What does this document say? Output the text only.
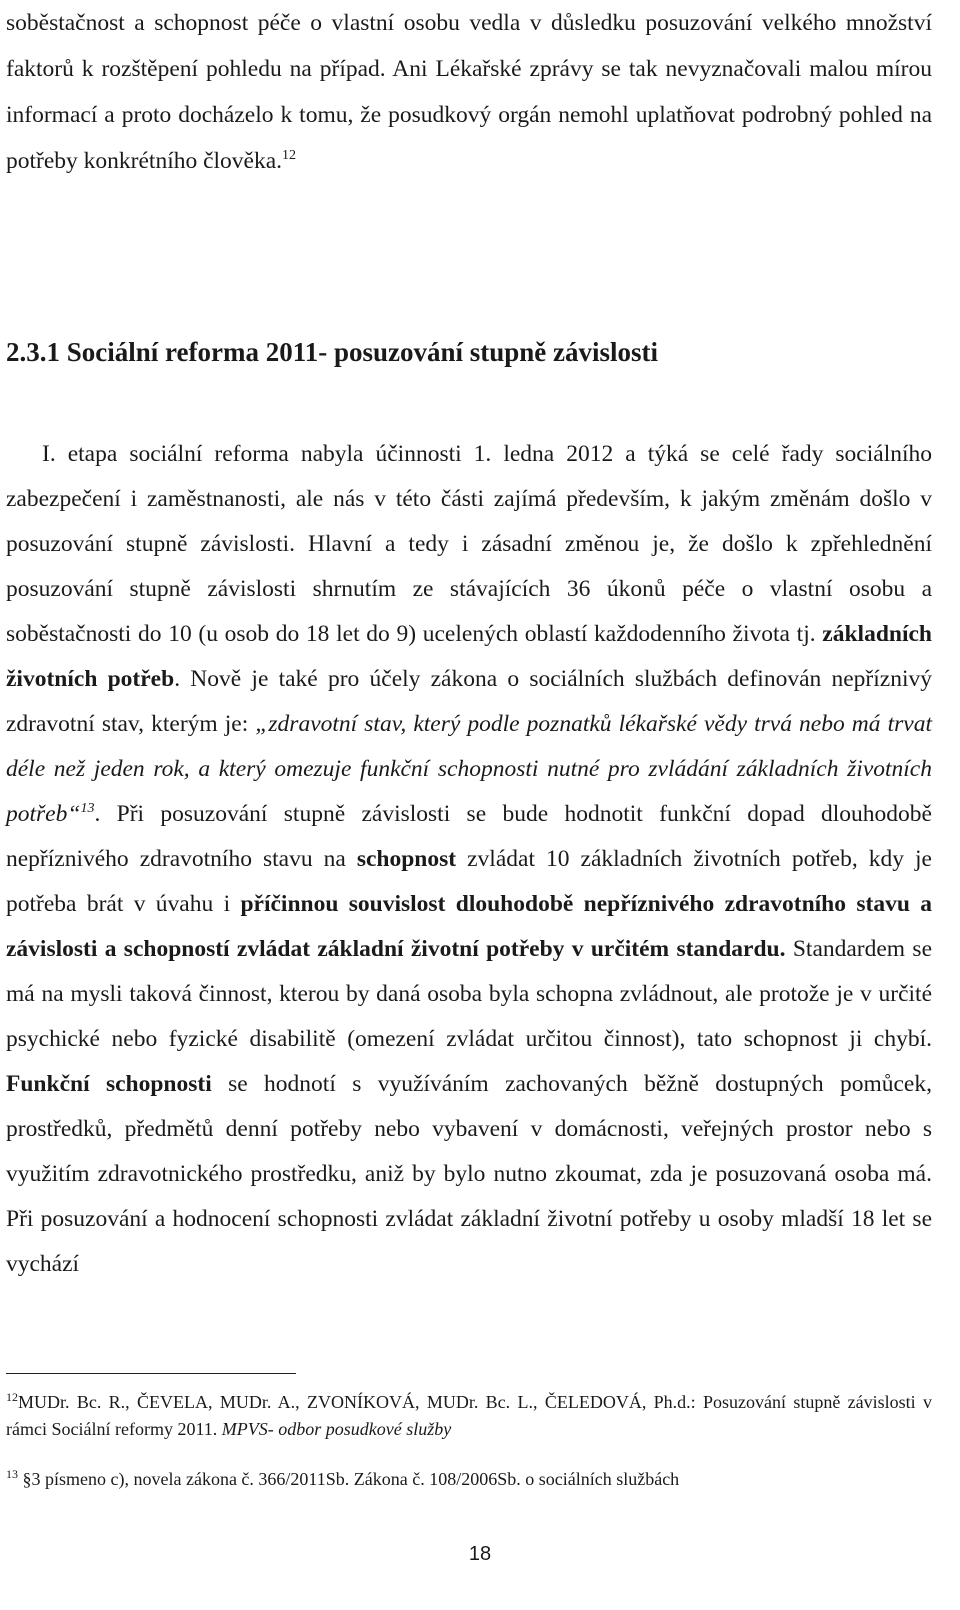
soběstačnost a schopnost péče o vlastní osobu vedla v důsledku posuzování velkého množství faktorů k rozštěpení pohledu na případ. Ani Lékařské zprávy se tak nevyznačovali malou mírou informací a proto docházelo k tomu, že posudkový orgán nemohl uplatňovat podrobný pohled na potřeby konkrétního člověka.$^{12}$

2.3.1 Sociální reforma 2011- posuzování stupně závislosti

I. etapa sociální reforma nabyla účinnosti 1. ledna 2012 a týká se celé řady sociálního zabezpečení i zaměstnanosti, ale nás v této části zajímá především, k jakým změnám došlo v posuzování stupně závislosti. Hlavní a tedy i zásadní změnou je, že došlo k zpřehlednění posuzování stupně závislosti shrnutím ze stávajících 36 úkonů péče o vlastní osobu a soběstačnosti do 10 (u osob do 18 let do 9) ucelených oblastí každodenního života tj. základních životních potřeb. Nově je také pro účely zákona o sociálních službách definován nepříznivý zdravotní stav, kterým je: „zdravotní stav, který podle poznatků lékařské vědy trvá nebo má trvat déle než jeden rok, a který omezuje funkční schopnosti nutné pro zvládání základních životních potřeb“$^{13}$. Při posuzování stupně závislosti se bude hodnotit funkční dopad dlouhodobě nepříznivého zdravotního stavu na schopnost zvládat 10 základních životních potřeb, kdy je potřeba brát v úvahu i příčinnou souvislost dlouhodobě nepříznivého zdravotního stavu a závislosti a schopností zvládat základní životní potřeby v určitém standardu. Standardem se má na mysli taková činnost, kterou by daná osoba byla schopna zvládnout, ale protože je v určité psychické nebo fyzické disabilitě (omezení zvládat určitou činnost), tato schopnost ji chybí. Funkční schopnosti se hodnotí s využíváním zachovaných běžně dostupných pomůcek, prostředků, předmětů denní potřeby nebo vybavení v domácnosti, veřejných prostor nebo s využitím zdravotnického prostředku, aniž by bylo nutno zkoumat, zda je posuzovaná osoba má. Při posuzování a hodnocení schopnosti zvládat základní životní potřeby u osoby mladší 18 let se vychází

$^{12}$MUDr. Bc. R., ČEVELA, MUDr. A., ZVONÍKOVÁ, MUDr. Bc. L., ČELEDOVÁ, Ph.d.: Posuzování stupně závislosti v rámci Sociální reformy 2011. MPVS- odbor posudkové služby

$^{13}$ §3 písmeno c), novela zákona č. 366/2011Sb. Zákona č. 108/2006Sb. o sociálních službách

18
